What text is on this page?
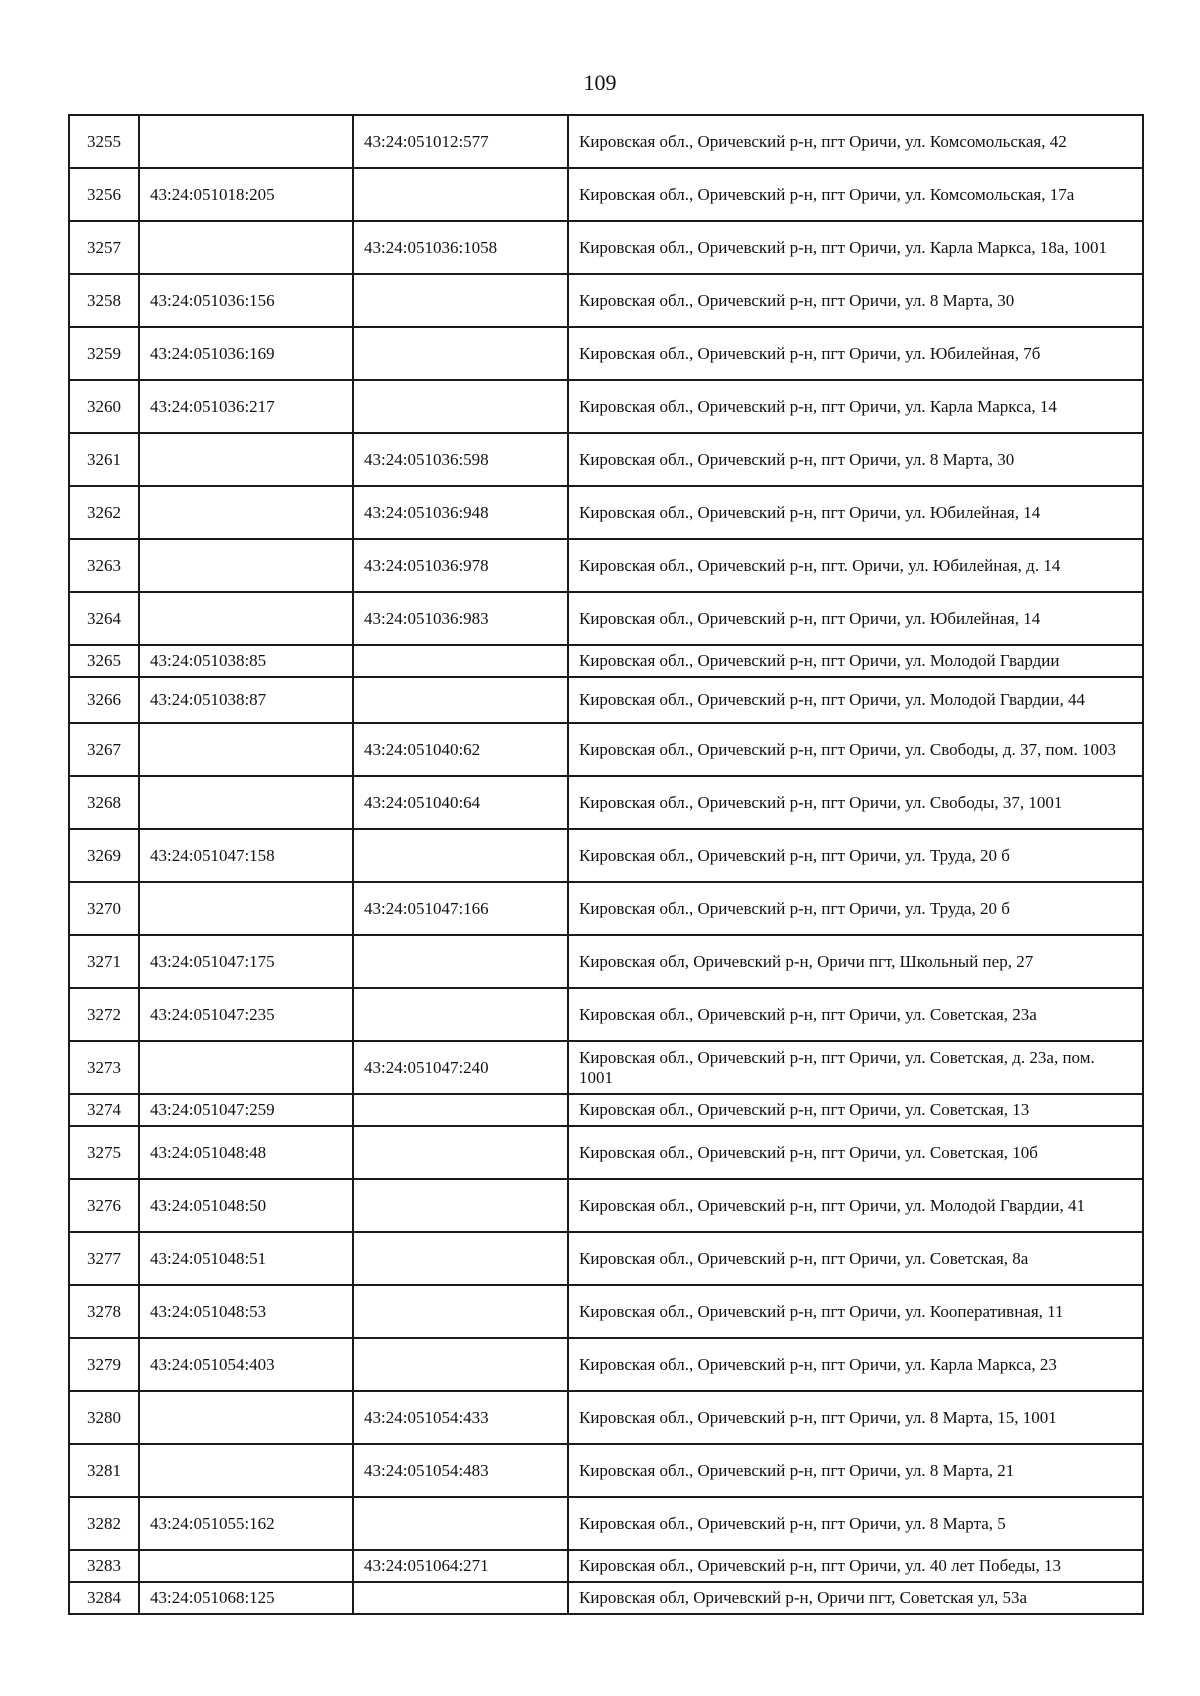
109
3255		43:24:051012:577	Кировская обл., Оричевский р-н, пгт Оричи, ул. Комсомольская, 42
3256	43:24:051018:205		Кировская обл., Оричевский р-н, пгт Оричи, ул. Комсомольская, 17а
3257		43:24:051036:1058	Кировская обл., Оричевский р-н, пгт Оричи, ул. Карла Маркса, 18а, 1001
3258	43:24:051036:156		Кировская обл., Оричевский р-н, пгт Оричи, ул. 8 Марта, 30
3259	43:24:051036:169		Кировская обл., Оричевский р-н, пгт Оричи, ул. Юбилейная, 7б
3260	43:24:051036:217		Кировская обл., Оричевский р-н, пгт Оричи, ул. Карла Маркса, 14
3261		43:24:051036:598	Кировская обл., Оричевский р-н, пгт Оричи, ул. 8 Марта, 30
3262		43:24:051036:948	Кировская обл., Оричевский р-н, пгт Оричи, ул. Юбилейная, 14
3263		43:24:051036:978	Кировская обл., Оричевский р-н, пгт. Оричи, ул. Юбилейная, д. 14
3264		43:24:051036:983	Кировская обл., Оричевский р-н, пгт Оричи, ул. Юбилейная, 14
3265	43:24:051038:85		Кировская обл., Оричевский р-н, пгт Оричи, ул. Молодой Гвардии
3266	43:24:051038:87		Кировская обл., Оричевский р-н, пгт Оричи, ул. Молодой Гвардии, 44
3267		43:24:051040:62	Кировская обл., Оричевский р-н, пгт Оричи, ул. Свободы, д. 37, пом. 1003
3268		43:24:051040:64	Кировская обл., Оричевский р-н, пгт Оричи, ул. Свободы, 37, 1001
3269	43:24:051047:158		Кировская обл., Оричевский р-н, пгт Оричи, ул. Труда, 20 б
3270		43:24:051047:166	Кировская обл., Оричевский р-н, пгт Оричи, ул. Труда, 20 б
3271	43:24:051047:175		Кировская обл, Оричевский р-н, Оричи пгт, Школьный пер, 27
3272	43:24:051047:235		Кировская обл., Оричевский р-н, пгт Оричи, ул. Советская, 23а
3273		43:24:051047:240	Кировская обл., Оричевский р-н, пгт Оричи, ул. Советская, д. 23а, пом. 1001
3274	43:24:051047:259		Кировская обл., Оричевский р-н, пгт Оричи, ул. Советская, 13
3275	43:24:051048:48		Кировская обл., Оричевский р-н, пгт Оричи, ул. Советская, 10б
3276	43:24:051048:50		Кировская обл., Оричевский р-н, пгт Оричи, ул. Молодой Гвардии, 41
3277	43:24:051048:51		Кировская обл., Оричевский р-н, пгт Оричи, ул. Советская, 8а
3278	43:24:051048:53		Кировская обл., Оричевский р-н, пгт Оричи, ул. Кооперативная, 11
3279	43:24:051054:403		Кировская обл., Оричевский р-н, пгт Оричи, ул. Карла Маркса, 23
3280		43:24:051054:433	Кировская обл., Оричевский р-н, пгт Оричи, ул. 8 Марта, 15, 1001
3281		43:24:051054:483	Кировская обл., Оричевский р-н, пгт Оричи, ул. 8 Марта, 21
3282	43:24:051055:162		Кировская обл., Оричевский р-н, пгт Оричи, ул. 8 Марта, 5
3283		43:24:051064:271	Кировская обл., Оричевский р-н, пгт Оричи, ул. 40 лет Победы, 13
3284	43:24:051068:125		Кировская обл, Оричевский р-н, Оричи пгт, Советская ул, 53а
